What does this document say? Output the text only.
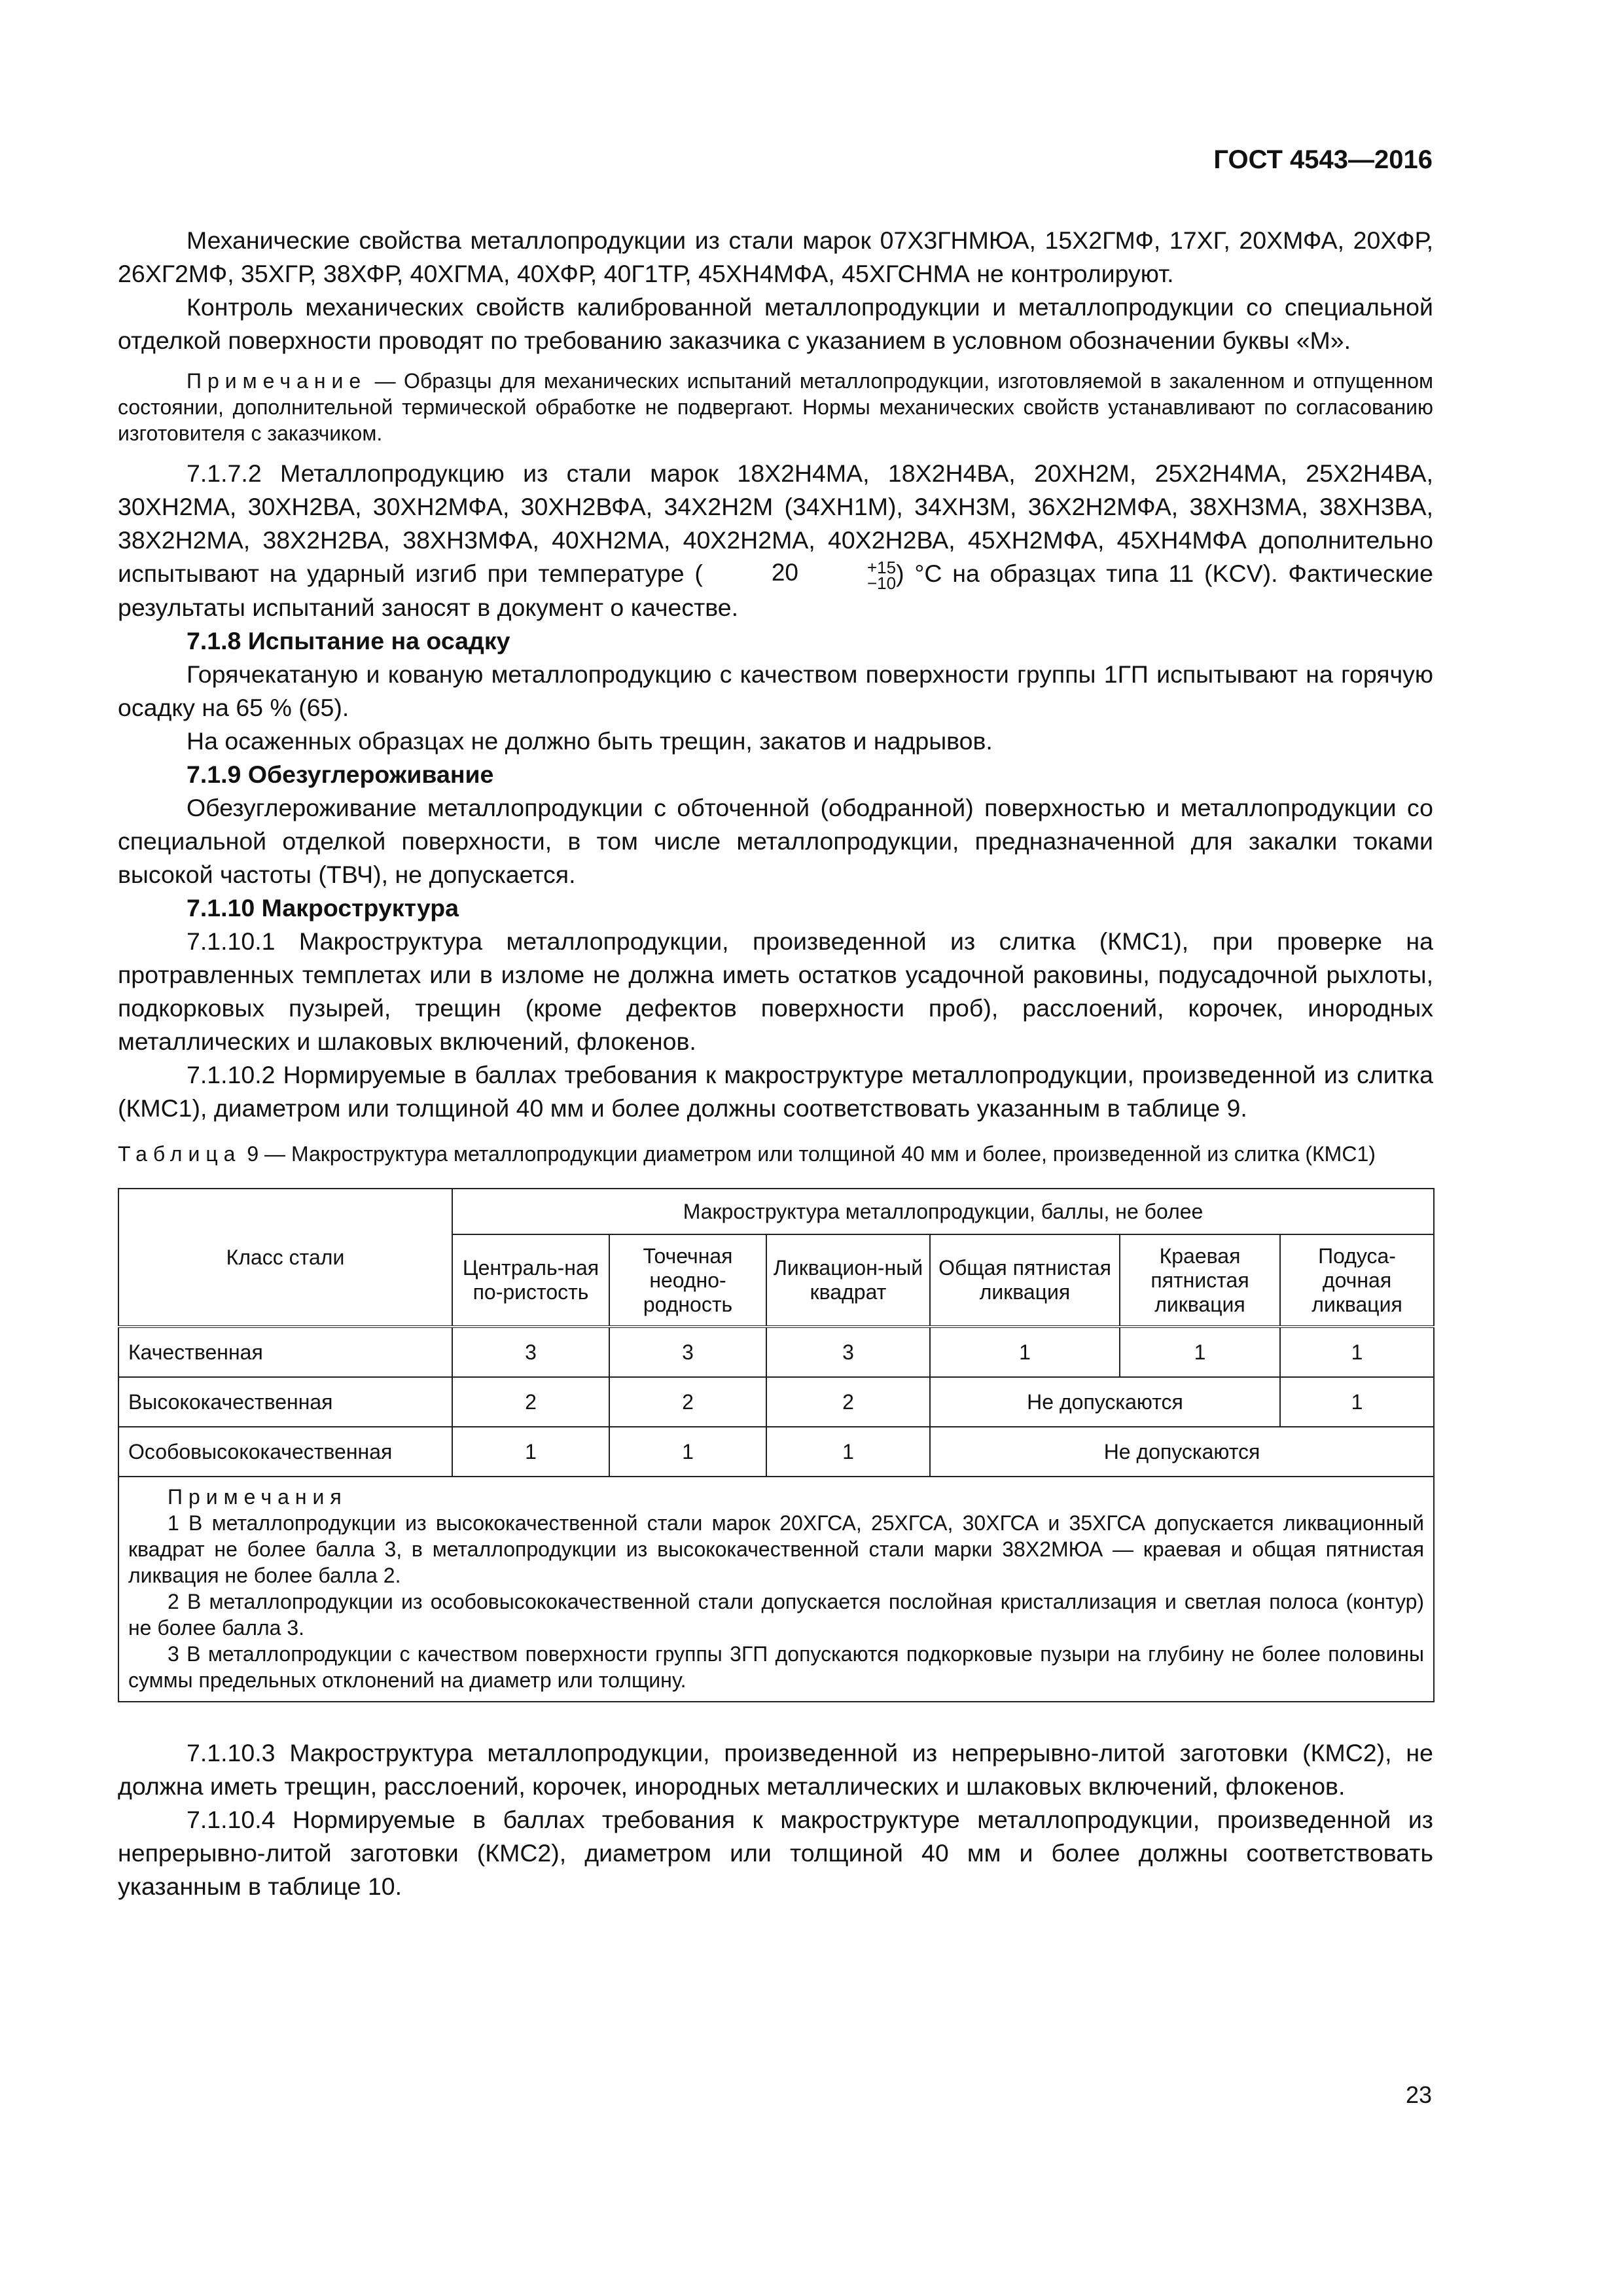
ГОСТ 4543—2016

Механические свойства металлопродукции из стали марок 07Х3ГНМЮА, 15Х2ГМФ, 17ХГ, 20ХМФА, 20ХФР, 26ХГ2МФ, 35ХГР, 38ХФР, 40ХГМА, 40ХФР, 40Г1ТР, 45ХН4МФА, 45ХГСНМА не контролируют.

Контроль механических свойств калиброванной металлопродукции и металлопродукции со специальной отделкой поверхности проводят по требованию заказчика с указанием в условном обозначении буквы «М».

Примечание — Образцы для механических испытаний металлопродукции, изготовляемой в закаленном и отпущенном состоянии, дополнительной термической обработке не подвергают. Нормы механических свойств устанавливают по согласованию изготовителя с заказчиком.

7.1.7.2 Металлопродукцию из стали марок 18Х2Н4МА, 18Х2Н4ВА, 20ХН2М, 25Х2Н4МА, 25Х2Н4ВА, 30ХН2МА, 30ХН2ВА, 30ХН2МФА, 30ХН2ВФА, 34Х2Н2М (34ХН1М), 34ХН3М, 36Х2Н2МФА, 38ХН3МА, 38ХН3ВА, 38Х2Н2МА, 38Х2Н2ВА, 38ХН3МФА, 40ХН2МА, 40Х2Н2МА, 40Х2Н2ВА, 45ХН2МФА, 45ХН4МФА дополнительно испытывают на ударный изгиб при температуре (	20	+15
−10 ) °С на образцах типа 11 (KCV). Фактические результаты испытаний заносят в документ о качестве.

7.1.8 Испытание на осадку

Горячекатаную и кованую металлопродукцию с качеством поверхности группы 1ГП испытывают на горячую осадку на 65 % (65).

На осаженных образцах не должно быть трещин, закатов и надрывов.

7.1.9 Обезуглероживание

Обезуглероживание металлопродукции с обточенной (ободранной) поверхностью и металлопродукции со специальной отделкой поверхности, в том числе металлопродукции, предназначенной для закалки токами высокой частоты (ТВЧ), не допускается.

7.1.10 Макроструктура

7.1.10.1 Макроструктура металлопродукции, произведенной из слитка (КМС1), при проверке на протравленных темплетах или в изломе не должна иметь остатков усадочной раковины, подусадочной рыхлоты, подкорковых пузырей, трещин (кроме дефектов поверхности проб), расслоений, корочек, инородных металлических и шлаковых включений, флокенов.

7.1.10.2 Нормируемые в баллах требования к макроструктуре металлопродукции, произведенной из слитка (КМС1), диаметром или толщиной 40 мм и более должны соответствовать указанным в таблице 9.

Таблица 9 — Макроструктура металлопродукции диаметром или толщиной 40 мм и более, произведенной из слитка (КМС1)
Класс стали	Макроструктура металлопродукции, баллы, не более					
	Централь-ная по-ристость	Точечная неодно-родность	Ликвацион-ный квадрат	Общая пятнистая ликвация	Краевая пятнистая ликвация	Подуса-дочная ликвация
Качественная	3	3	3	1	1	1
Высококачественная	2	2	2	Не допускаются		1
Особовысококачественная	1	1	1	Не допускаются		

Примечания
1 В металлопродукции из высококачественной стали марок 20ХГСА, 25ХГСА, 30ХГСА и 35ХГСА допускается ликвационный квадрат не более балла 3, в металлопродукции из высококачественной стали марки 38Х2МЮА — краевая и общая пятнистая ликвация не более балла 2.
2 В металлопродукции из особовысококачественной стали допускается послойная кристаллизация и светлая полоса (контур) не более балла 3.
3 В металлопродукции с качеством поверхности группы 3ГП допускаются подкорковые пузыри на глубину не более половины суммы предельных отклонений на диаметр или толщину.						

7.1.10.3 Макроструктура металлопродукции, произведенной из непрерывно-литой заготовки (КМС2), не должна иметь трещин, расслоений, корочек, инородных металлических и шлаковых включений, флокенов.

7.1.10.4 Нормируемые в баллах требования к макроструктуре металлопродукции, произведенной из непрерывно-литой заготовки (КМС2), диаметром или толщиной 40 мм и более должны соответствовать указанным в таблице 10.

23
